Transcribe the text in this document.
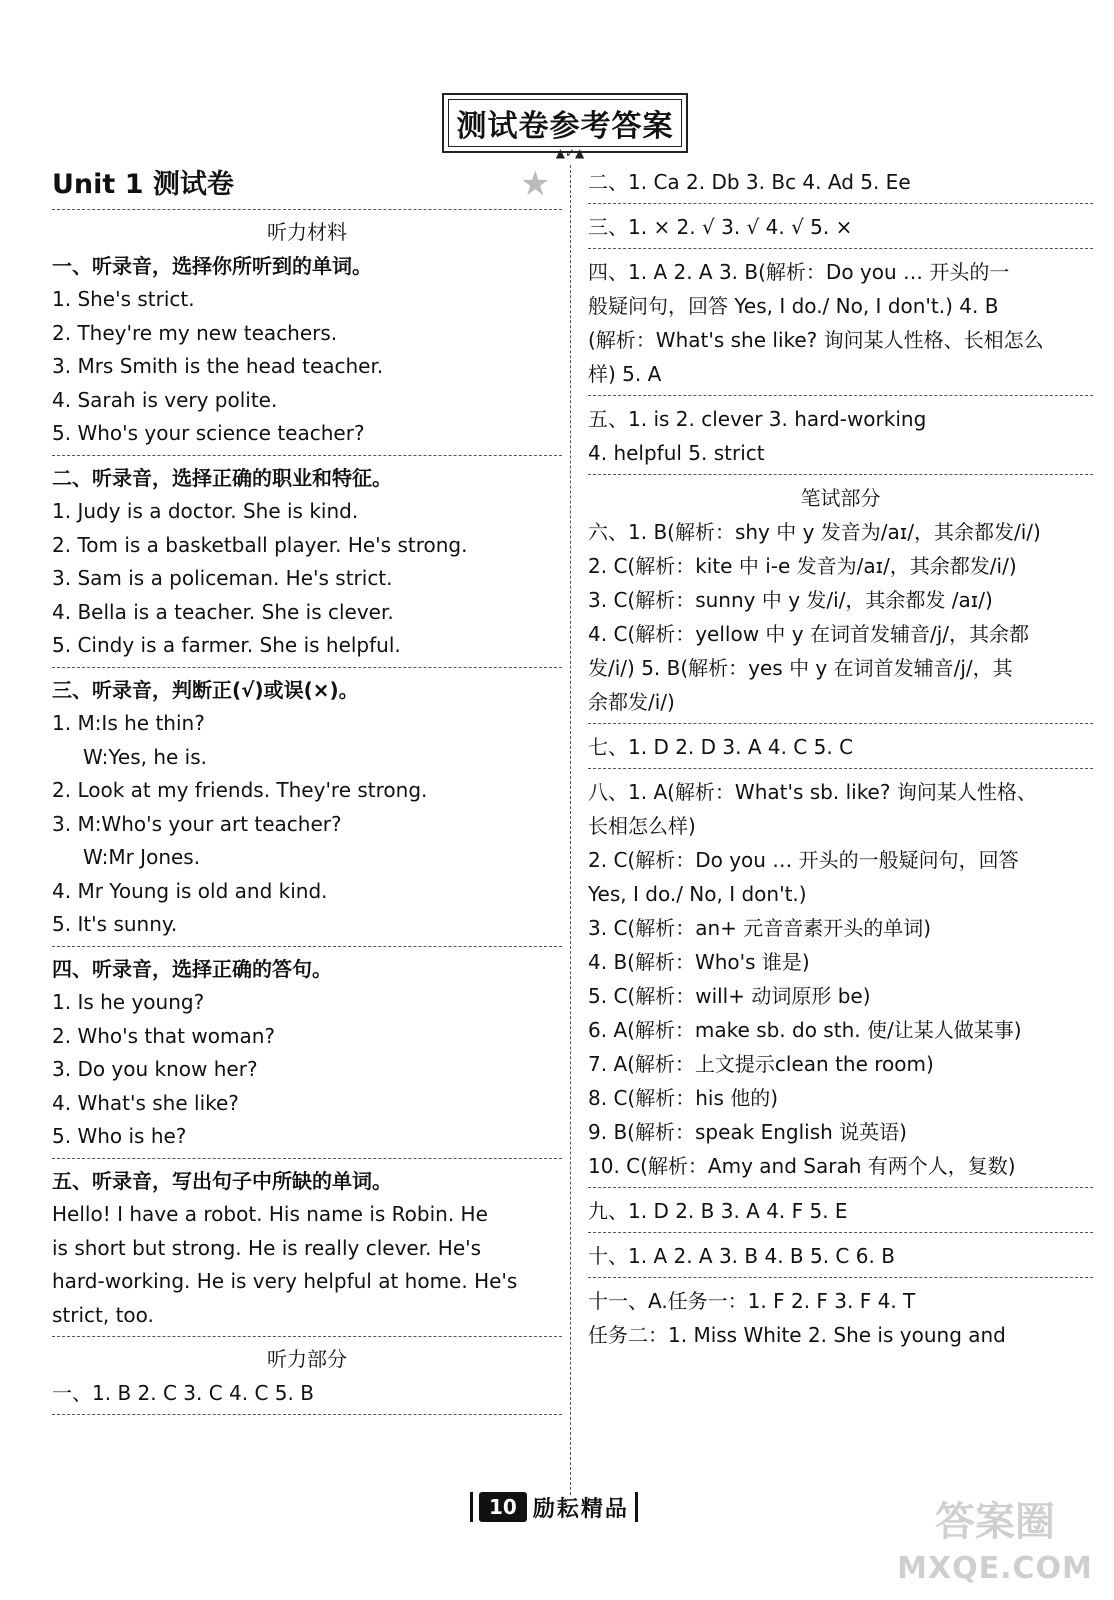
测试卷参考答案
▲✓▲
Unit 1 测试卷	★
听力材料
一、听录音，选择你所听到的单词。
1. She's strict.
2. They're my new teachers.
3. Mrs Smith is the head teacher.
4. Sarah is very polite.
5. Who's your science teacher?
二、听录音，选择正确的职业和特征。
1. Judy is a doctor. She is kind.
2. Tom is a basketball player. He's strong.
3. Sam is a policeman. He's strict.
4. Bella is a teacher. She is clever.
5. Cindy is a farmer. She is helpful.
三、听录音，判断正(√)或误(×)。
1. M:Is he thin?
W:Yes, he is.
2. Look at my friends. They're strong.
3. M:Who's your art teacher?
W:Mr Jones.
4. Mr Young is old and kind.
5. It's sunny.
四、听录音，选择正确的答句。
1. Is he young?
2. Who's that woman?
3. Do you know her?
4. What's she like?
5. Who is he?
五、听录音，写出句子中所缺的单词。
Hello! I have a robot. His name is Robin. He
is short but strong. He is really clever. He's
hard-working. He is very helpful at home. He's
strict, too.
听力部分
一、1. B 2. C 3. C 4. C 5. B
二、1. Ca 2. Db 3. Bc 4. Ad 5. Ee
三、1. × 2. √ 3. √ 4. √ 5. ×
四、1. A 2. A 3. B(解析：Do you … 开头的一
般疑问句，回答 Yes, I do./ No, I don't.) 4. B
(解析：What's she like? 询问某人性格、长相怎么
样) 5. A
五、1. is 2. clever 3. hard-working
4. helpful 5. strict
笔试部分
六、1. B(解析：shy 中 y 发音为/aɪ/，其余都发/i/)
2. C(解析：kite 中 i-e 发音为/aɪ/，其余都发/i/)
3. C(解析：sunny 中 y 发/i/，其余都发 /aɪ/)
4. C(解析：yellow 中 y 在词首发辅音/j/，其余都
发/i/) 5. B(解析：yes 中 y 在词首发辅音/j/，其
余都发/i/)
七、1. D 2. D 3. A 4. C 5. C
八、1. A(解析：What's sb. like? 询问某人性格、
长相怎么样)
2. C(解析：Do you … 开头的一般疑问句，回答
Yes, I do./ No, I don't.)
3. C(解析：an+ 元音音素开头的单词)
4. B(解析：Who's 谁是)
5. C(解析：will+ 动词原形 be)
6. A(解析：make sb. do sth. 使/让某人做某事)
7. A(解析：上文提示clean the room)
8. C(解析：his 他的)
9. B(解析：speak English 说英语)
10. C(解析：Amy and Sarah 有两个人，复数)
九、1. D 2. B 3. A 4. F 5. E
十、1. A 2. A 3. B 4. B 5. C 6. B
十一、A.任务一：1. F 2. F 3. F 4. T
任务二：1. Miss White 2. She is young and
10 励耘精品	答案圈
MXQE.COM
